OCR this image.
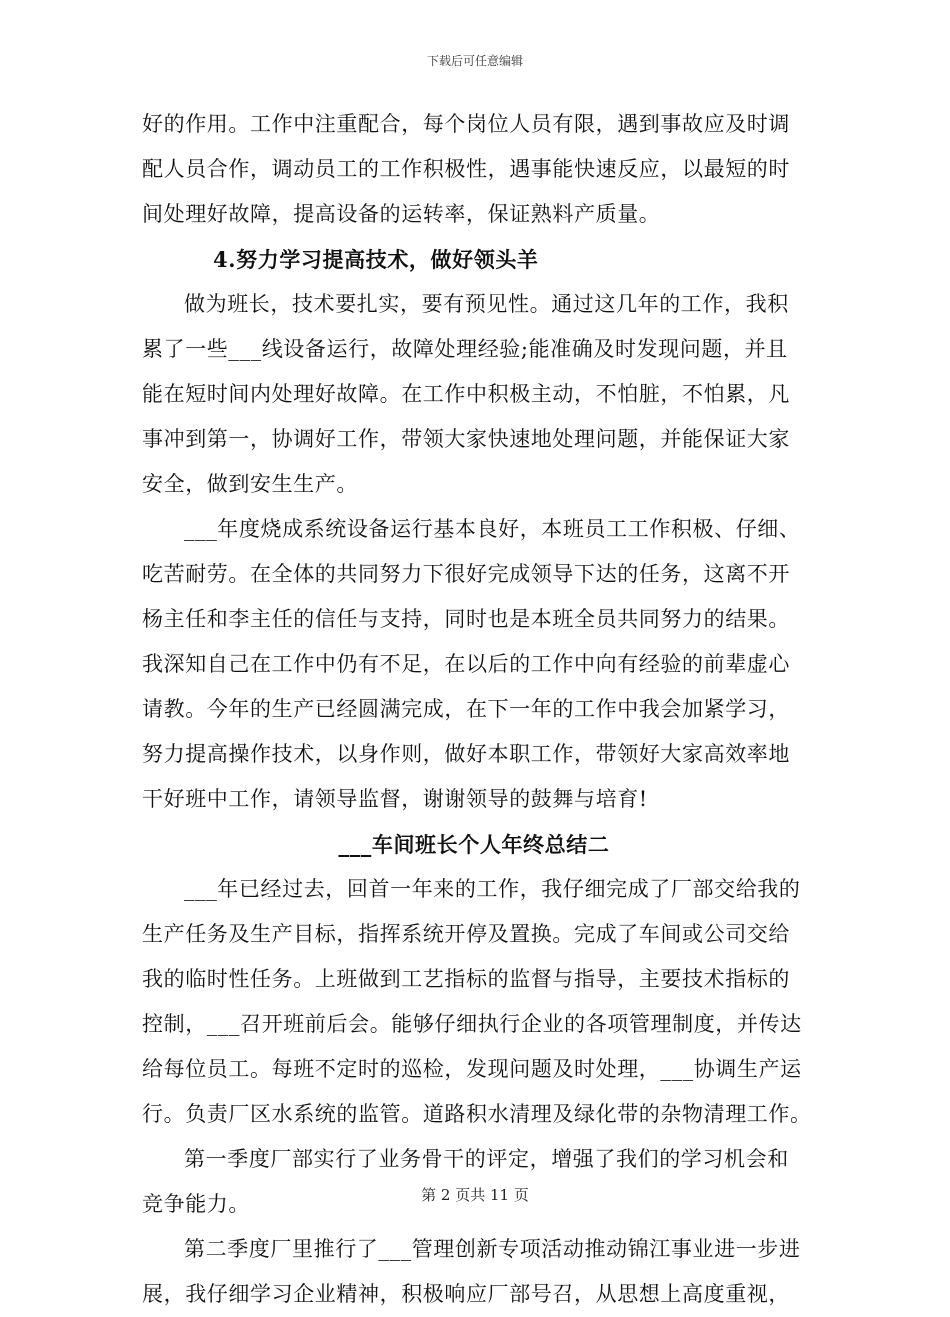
下载后可任意编辑
好的作用。工作中注重配合，每个岗位人员有限，遇到事故应及时调
配人员合作，调动员工的工作积极性，遇事能快速反应，以最短的时
间处理好故障，提高设备的运转率，保证熟料产质量。
4.努力学习提高技术，做好领头羊
做为班长，技术要扎实，要有预见性。通过这几年的工作，我积
累了一些___线设备运行，故障处理经验;能准确及时发现问题，并且
能在短时间内处理好故障。在工作中积极主动，不怕脏，不怕累，凡
事冲到第一，协调好工作，带领大家快速地处理问题，并能保证大家
安全，做到安生生产。
___年度烧成系统设备运行基本良好，本班员工工作积极、仔细、
吃苦耐劳。在全体的共同努力下很好完成领导下达的任务，这离不开
杨主任和李主任的信任与支持，同时也是本班全员共同努力的结果。
我深知自己在工作中仍有不足，在以后的工作中向有经验的前辈虚心
请教。今年的生产已经圆满完成，在下一年的工作中我会加紧学习，
努力提高操作技术，以身作则，做好本职工作，带领好大家高效率地
干好班中工作，请领导监督，谢谢领导的鼓舞与培育!
___车间班长个人年终总结二
___年已经过去，回首一年来的工作，我仔细完成了厂部交给我的
生产任务及生产目标，指挥系统开停及置换。完成了车间或公司交给
我的临时性任务。上班做到工艺指标的监督与指导，主要技术指标的
控制，___召开班前后会。能够仔细执行企业的各项管理制度，并传达
给每位员工。每班不定时的巡检，发现问题及时处理，___协调生产运
行。负责厂区水系统的监管。道路积水清理及绿化带的杂物清理工作。
第一季度厂部实行了业务骨干的评定，增强了我们的学习机会和
竞争能力。
第二季度厂里推行了___管理创新专项活动推动锦江事业进一步进
展，我仔细学习企业精神，积极响应厂部号召，从思想上高度重视，
第 2 页共 11 页
